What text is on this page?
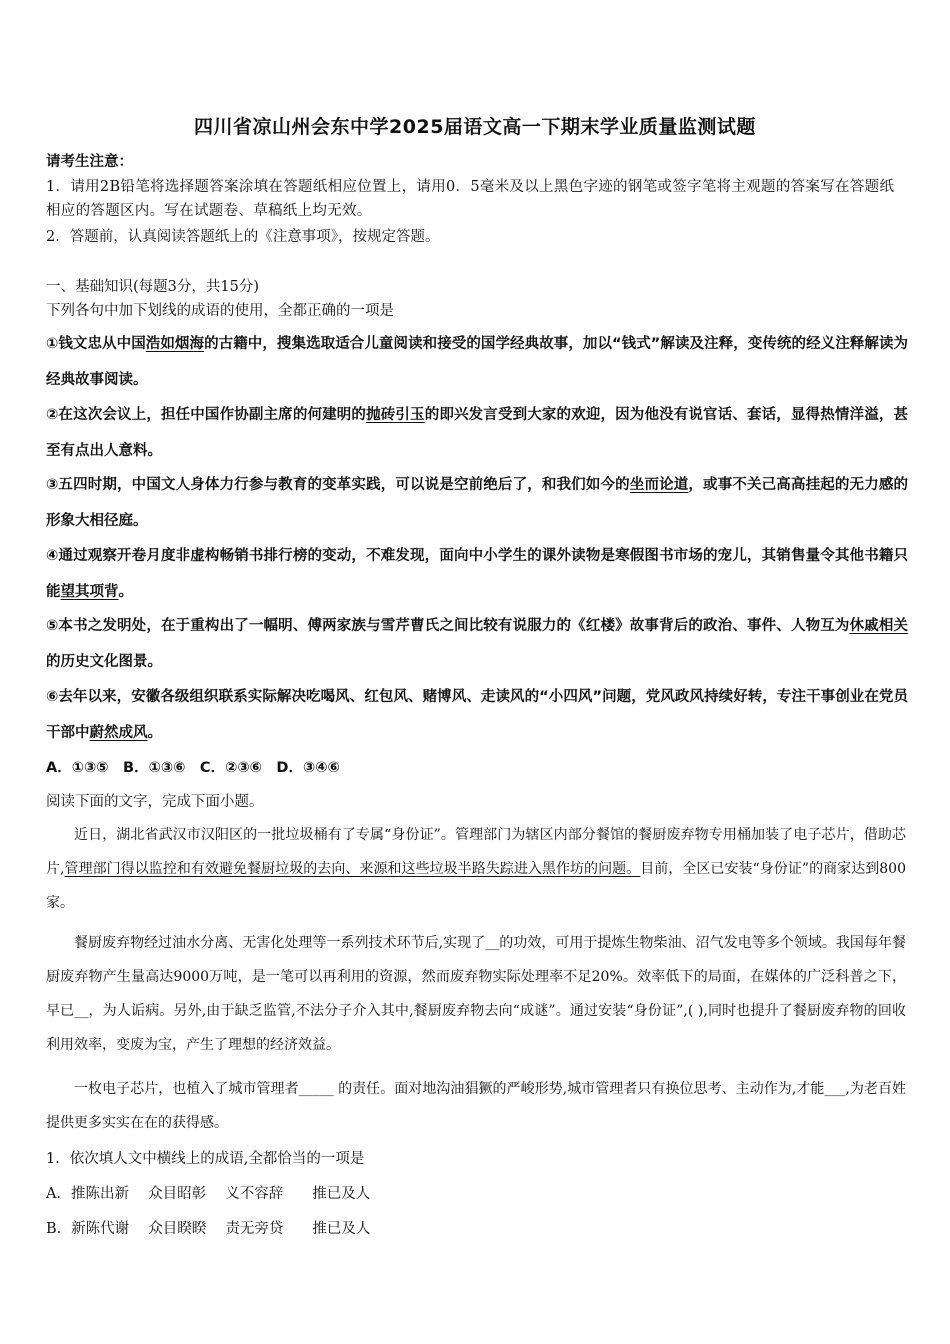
四川省凉山州会东中学2025届语文高一下期末学业质量监测试题
请考生注意：
1．请用2B铅笔将选择题答案涂填在答题纸相应位置上，请用0．5毫米及以上黑色字迹的钢笔或签字笔将主观题的答案写在答题纸相应的答题区内。写在试题卷、草稿纸上均无效。
2．答题前，认真阅读答题纸上的《注意事项》，按规定答题。
一、基础知识(每题3分，共15分)
下列各句中加下划线的成语的使用，全都正确的一项是
①钱文忠从中国浩如烟海的古籍中，搜集选取适合儿童阅读和接受的国学经典故事，加以“钱式”解读及注释，变传统的经义注释解读为经典故事阅读。
②在这次会议上，担任中国作协副主席的何建明的抛砖引玉的即兴发言受到大家的欢迎，因为他没有说官话、套话，显得热情洋溢，甚至有点出人意料。
③五四时期，中国文人身体力行参与教育的变革实践，可以说是空前绝后了，和我们如今的坐而论道，或事不关己高高挂起的无力感的形象大相径庭。
④通过观察开卷月度非虚构畅销书排行榜的变动，不难发现，面向中小学生的课外读物是寒假图书市场的宠儿，其销售量令其他书籍只能望其项背。
⑤本书之发明处，在于重构出了一幅明、傅两家族与雪芹曹氏之间比较有说服力的《红楼》故事背后的政治、事件、人物互为休戚相关的历史文化图景。
⑥去年以来，安徽各级组织联系实际解决吃喝风、红包风、赌博风、走读风的“小四风”问题，党风政风持续好转，专注干事创业在党员干部中蔚然成风。
A．①③⑤　B．①③⑥　C．②③⑥　D．③④⑥
阅读下面的文字，完成下面小题。
近日，湖北省武汉市汉阳区的一批垃圾桶有了专属“身份证”。管理部门为辖区内部分餐馆的餐厨废弃物专用桶加装了电子芯片，借助芯片,管理部门得以监控和有效避免餐厨垃圾的去向、来源和这些垃圾半路失踪进入黑作坊的问题。目前，全区已安装“身份证”的商家达到800家。
餐厨废弃物经过油水分离、无害化处理等一系列技术环节后,实现了__的功效，可用于提炼生物柴油、沼气发电等多个领域。我国每年餐厨废弃物产生量高达9000万吨，是一笔可以再利用的资源，然而废弃物实际处理率不足20%。效率低下的局面，在媒体的广泛科普之下，早已__，为人诟病。另外,由于缺乏监管,不法分子介入其中,餐厨废弃物去向“成谜”。通过安装“身份证”,( ),同时也提升了餐厨废弃物的回收利用效率，变废为宝，产生了理想的经济效益。
一枚电子芯片，也植入了城市管理者_____ 的责任。面对地沟油猖獗的严峻形势,城市管理者只有换位思考、主动作为,才能___,为老百姓提供更多实实在在的获得感。
1．依次填人文中横线上的成语,全都恰当的一项是
A．推陈出新　 众目昭彰　 义不容辞　　推已及人
B．新陈代谢　 众目睽睽　 责无旁贷　　推已及人
